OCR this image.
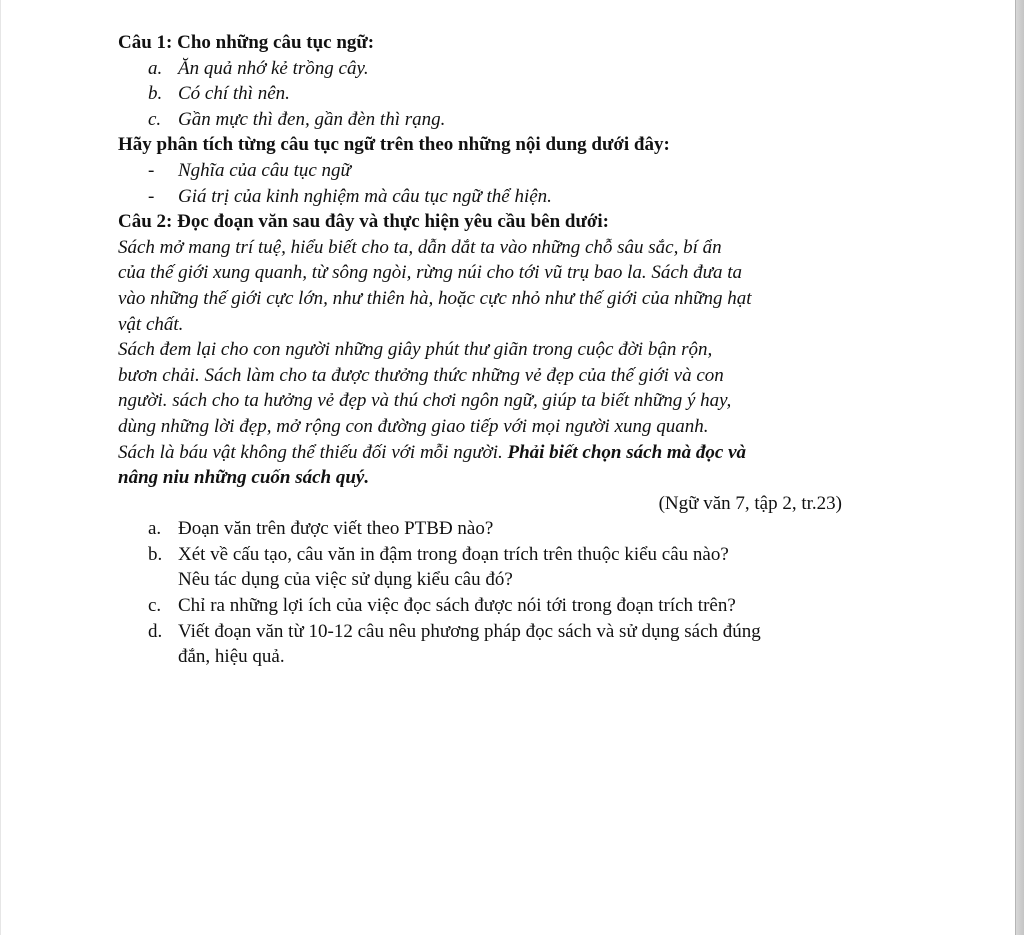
Câu 1: Cho những câu tục ngữ:
a. Ăn quả nhớ kẻ trồng cây.
b. Có chí thì nên.
c. Gần mực thì đen, gần đèn thì rạng.
Hãy phân tích từng câu tục ngữ trên theo những nội dung dưới đây:
- Nghĩa của câu tục ngữ
- Giá trị của kinh nghiệm mà câu tục ngữ thể hiện.
Câu 2: Đọc đoạn văn sau đây và thực hiện yêu cầu bên dưới:
Sách mở mang trí tuệ, hiểu biết cho ta, dẫn dắt ta vào những chỗ sâu sắc, bí ẩn
của thế giới xung quanh, từ sông ngòi, rừng núi cho tới vũ trụ bao la. Sách đưa ta
vào những thế giới cực lớn, như thiên hà, hoặc cực nhỏ như thế giới của những hạt
vật chất.
Sách đem lại cho con người những giây phút thư giãn trong cuộc đời bận rộn,
bươn chải. Sách làm cho ta được thưởng thức những vẻ đẹp của thế giới và con
người. sách cho ta hưởng vẻ đẹp và thú chơi ngôn ngữ, giúp ta biết những ý hay,
dùng những lời đẹp, mở rộng con đường giao tiếp với mọi người xung quanh.
Sách là báu vật không thể thiếu đối với mỗi người. Phải biết chọn sách mà đọc và
nâng niu những cuốn sách quý.
(Ngữ văn 7, tập 2, tr.23)
a. Đoạn văn trên được viết theo PTBĐ nào?
b. Xét về cấu tạo, câu văn in đậm trong đoạn trích trên thuộc kiểu câu nào?
Nêu tác dụng của việc sử dụng kiểu câu đó?
c. Chỉ ra những lợi ích của việc đọc sách được nói tới trong đoạn trích trên?
d. Viết đoạn văn từ 10-12 câu nêu phương pháp đọc sách và sử dụng sách đúng
đắn, hiệu quả.
